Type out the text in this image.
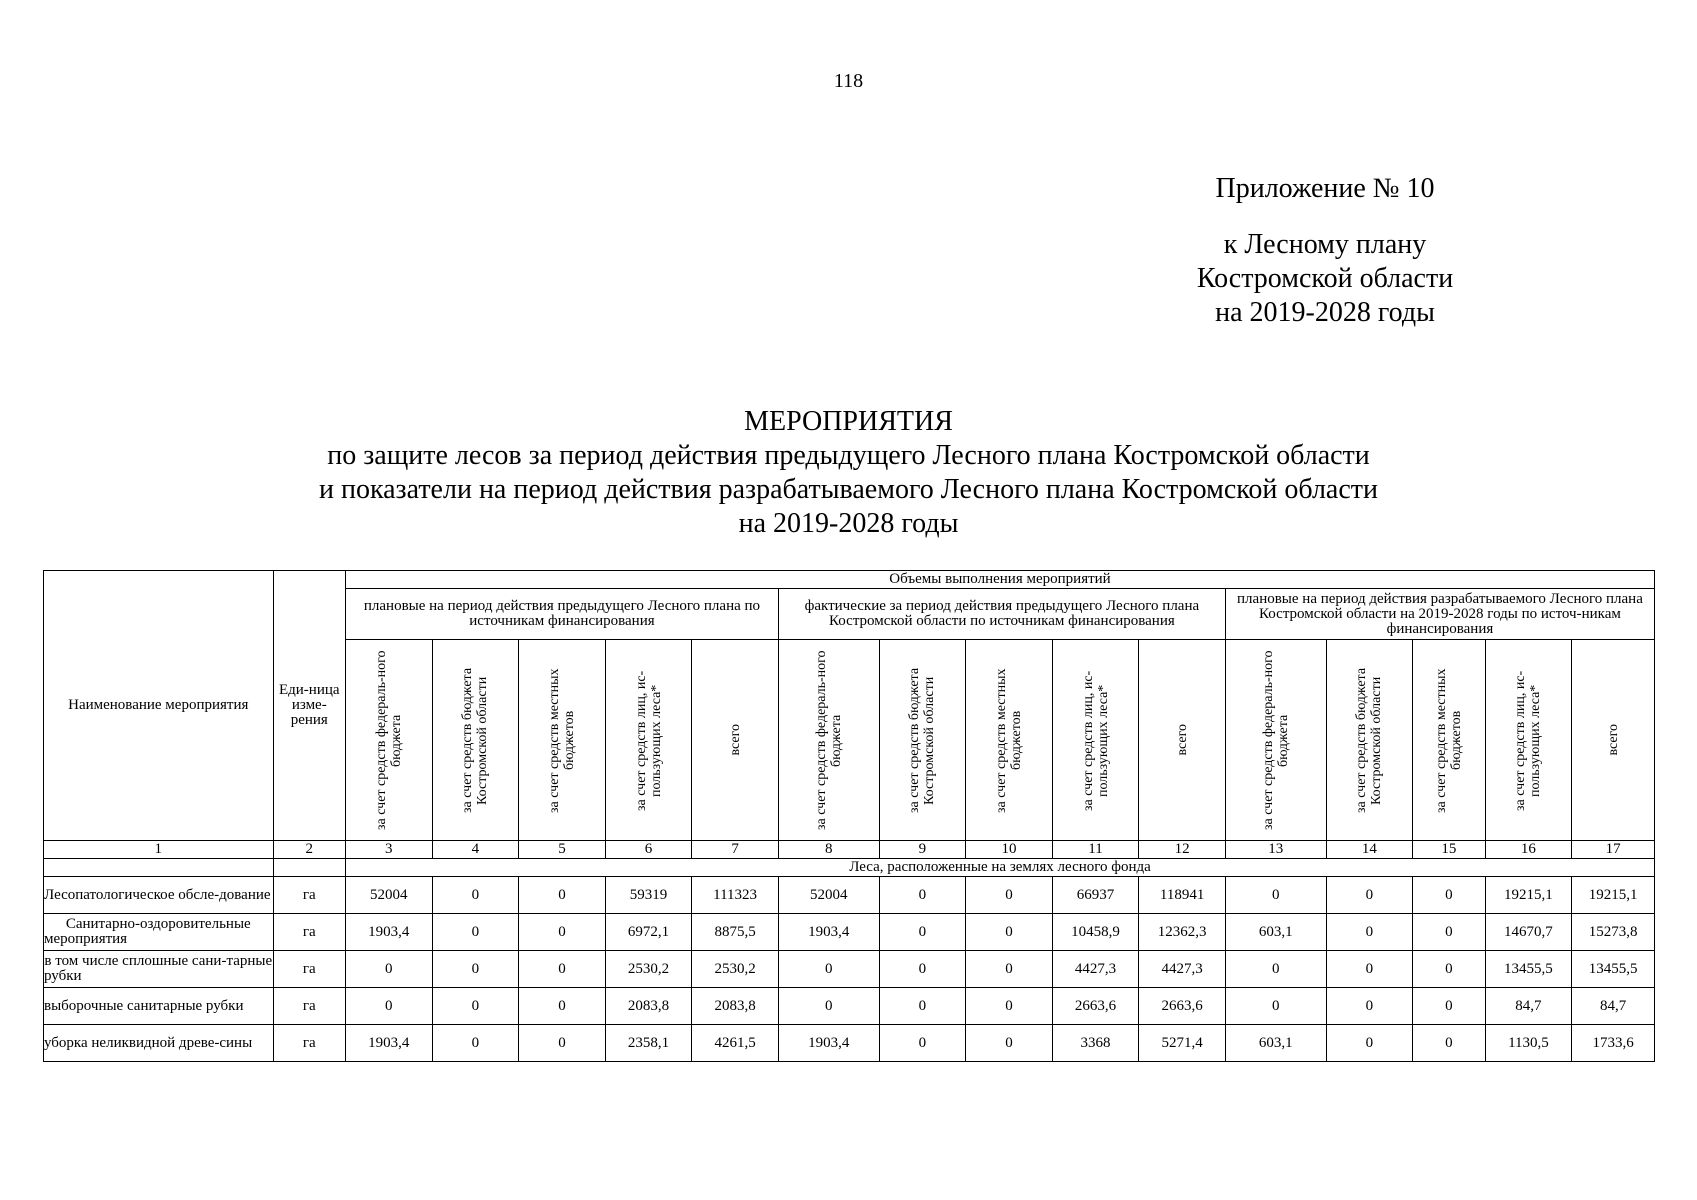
118
Приложение № 10
к Лесному плану
Костромской области
на 2019-2028 годы
МЕРОПРИЯТИЯ
по защите лесов за период действия предыдущего Лесного плана Костромской области
и показатели на период действия разрабатываемого Лесного плана Костромской области
на 2019-2028 годы
Наименование мероприятия	Еди-ница изме-рения	Объемы выполнения мероприятий														
		плановые на период действия предыдущего Лесного плана по источникам финансирования					фактические за период действия предыдущего Лесного плана Костромской области по источникам финансирования					плановые на период действия разрабатываемого Лесного плана Костромской области на 2019-2028 годы по источ-никам финансирования				

		за счет средств федераль-ного бюджета	за счет средств бюджета Костромской области	за счет средств местных бюджетов	за счет средств лиц, ис-пользующих леса*	всего	за счет средств федераль-ного бюджета	за счет средств бюджета Костромской области	за счет средств местных бюджетов	за счет средств лиц, ис-пользующих леса*	всего	за счет средств федераль-ного бюджета	за счет средств бюджета Костромской области	за счет средств местных бюджетов	за счет средств лиц, ис-пользующих леса*	всего

1	2	3	4	5	6	7	8	9	10	11	12	13	14	15	16	17
		Леса, расположенные на землях лесного фонда														
Лесопатологическое обсле-дование	га	52004	0	0	59319	111323	52004	0	0	66937	118941	0	0	0	19215,1	19215,1
Санитарно-оздоровительные мероприятия	га	1903,4	0	0	6972,1	8875,5	1903,4	0	0	10458,9	12362,3	603,1	0	0	14670,7	15273,8
в том числе сплошные сани-тарные рубки	га	0	0	0	2530,2	2530,2	0	0	0	4427,3	4427,3	0	0	0	13455,5	13455,5
выборочные санитарные рубки	га	0	0	0	2083,8	2083,8	0	0	0	2663,6	2663,6	0	0	0	84,7	84,7
уборка неликвидной древе-сины	га	1903,4	0	0	2358,1	4261,5	1903,4	0	0	3368	5271,4	603,1	0	0	1130,5	1733,6
